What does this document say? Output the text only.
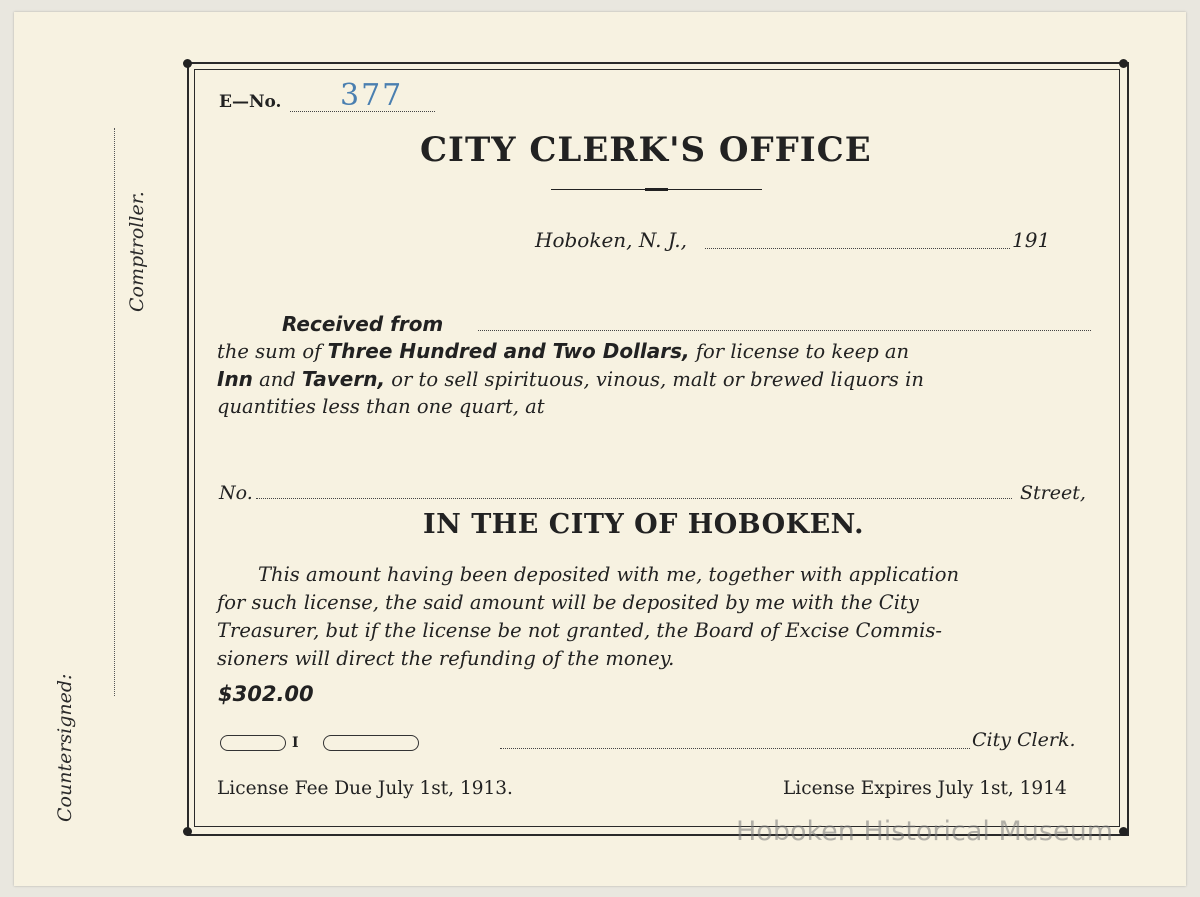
Comptroller.
Countersigned:
E—No. 377
CITY CLERK'S OFFICE
Hoboken, N. J.,	191
Received from
the sum of Three Hundred and Two Dollars, for license to keep an
Inn and Tavern, or to sell spirituous, vinous, malt or brewed liquors in
quantities less than one quart, at
No.	Street,
IN THE CITY OF HOBOKEN.
This amount having been deposited with me, together with application
for such license, the said amount will be deposited by me with the City
Treasurer, but if the license be not granted, the Board of Excise Commis-
sioners will direct the refunding of the money.
$302.00
I	City Clerk.
License Fee Due July 1st, 1913.	License Expires July 1st, 1914
Hoboken Historical Museum
